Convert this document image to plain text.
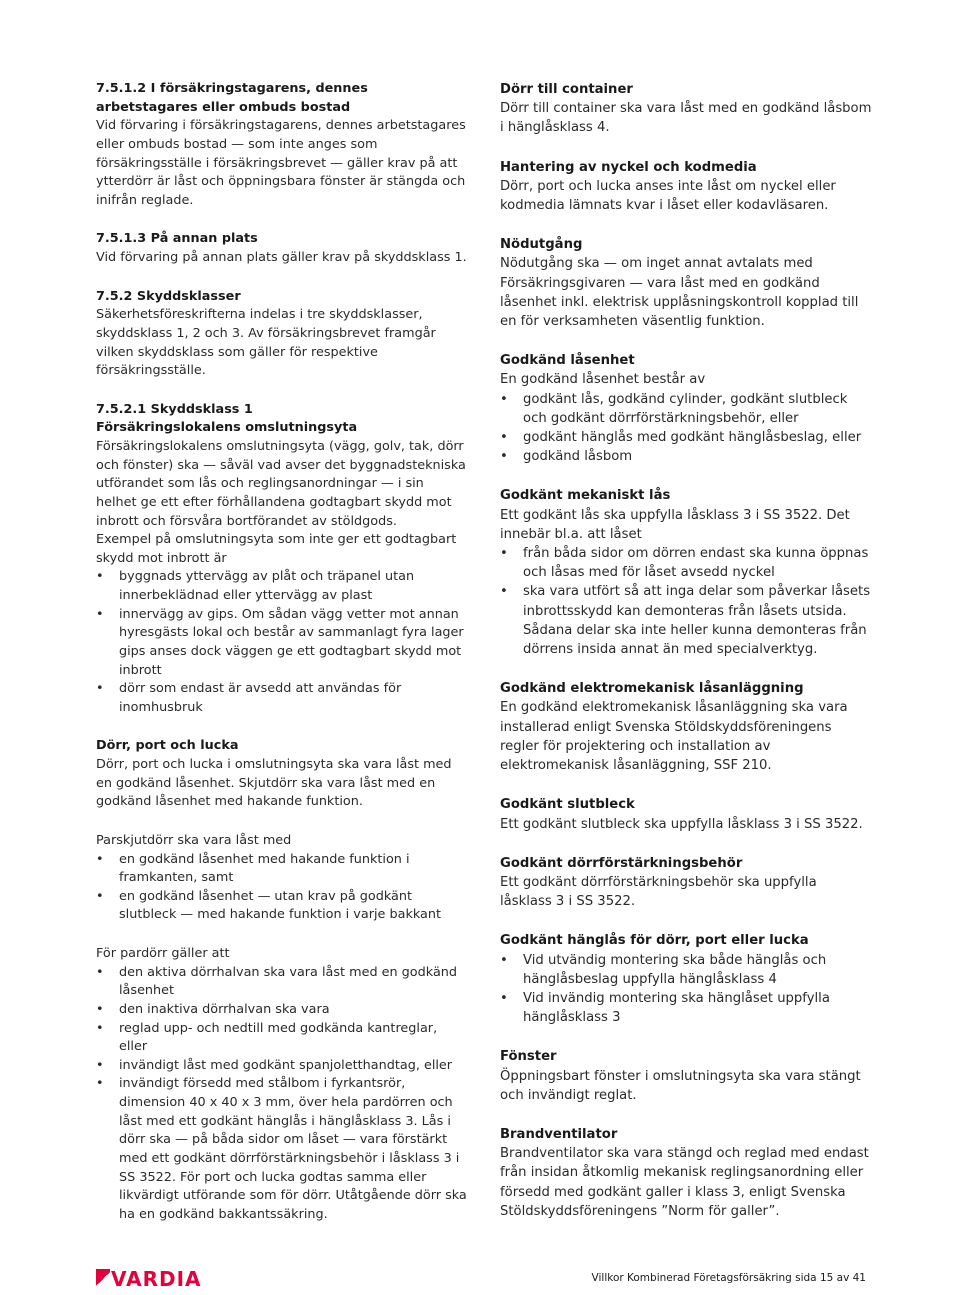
7.5.1.2 I försäkringstagarens, dennes arbetstagares eller ombuds bostad

Vid förvaring i försäkringstagarens, dennes arbetstagares eller ombuds bostad — som inte anges som försäkringsställe i försäkringsbrevet — gäller krav på att ytterdörr är låst och öppningsbara fönster är stängda och inifrån reglade.

7.5.1.3 På annan plats

Vid förvaring på annan plats gäller krav på skyddsklass 1.

7.5.2 Skyddsklasser

Säkerhetsföreskrifterna indelas i tre skyddsklasser, skyddsklass 1, 2 och 3. Av försäkringsbrevet framgår vilken skyddsklass som gäller för respektive försäkringsställe.

7.5.2.1 Skyddsklass 1
Försäkringslokalens omslutningsyta

Försäkringslokalens omslutningsyta (vägg, golv, tak, dörr och fönster) ska — såväl vad avser det byggnadstekniska utförandet som lås och reglingsanordningar — i sin helhet ge ett efter förhållandena godtagbart skydd mot inbrott och försvåra bortförandet av stöldgods.

Exempel på omslutningsyta som inte ger ett godtagbart skydd mot inbrott är

• byggnads yttervägg av plåt och träpanel utan innerbeklädnad eller yttervägg av plast
• innervägg av gips. Om sådan vägg vetter mot annan hyresgästs lokal och består av sammanlagt fyra lager gips anses dock väggen ge ett godtagbart skydd mot inbrott
• dörr som endast är avsedd att användas för inomhusbruk
Dörr, port och lucka

Dörr, port och lucka i omslutningsyta ska vara låst med en godkänd låsenhet. Skjutdörr ska vara låst med en godkänd låsenhet med hakande funktion.

Parskjutdörr ska vara låst med

• en godkänd låsenhet med hakande funktion i framkanten, samt
• en godkänd låsenhet — utan krav på godkänt slutbleck — med hakande funktion i varje bakkant

För pardörr gäller att

• den aktiva dörrhalvan ska vara låst med en godkänd låsenhet
• den inaktiva dörrhalvan ska vara
• reglad upp- och nedtill med godkända kantreglar, eller
• invändigt låst med godkänt spanjoletthandtag, eller
• invändigt försedd med stålbom i fyrkantsrör, dimension 40 x 40 x 3 mm, över hela pardörren och låst med ett godkänt hänglås i hänglåsklass 3. Lås i dörr ska — på båda sidor om låset — vara förstärkt med ett godkänt dörrförstärkningsbehör i låsklass 3 i SS 3522. För port och lucka godtas samma eller likvärdigt utförande som för dörr. Utåtgående dörr ska ha en godkänd bakkantssäkring.
Dörr till container

Dörr till container ska vara låst med en godkänd låsbom i hänglåsklass 4.

Hantering av nyckel och kodmedia

Dörr, port och lucka anses inte låst om nyckel eller kodmedia lämnats kvar i låset eller kodavläsaren.

Nödutgång

Nödutgång ska — om inget annat avtalats med Försäkringsgivaren — vara låst med en godkänd låsenhet inkl. elektrisk upplåsningskontroll kopplad till en för verksamheten väsentlig funktion.

Godkänd låsenhet

En godkänd låsenhet består av

• godkänt lås, godkänd cylinder, godkänt slutbleck och godkänt dörrförstärkningsbehör, eller
• godkänt hänglås med godkänt hänglåsbeslag, eller
• godkänd låsbom
Godkänt mekaniskt lås

Ett godkänt lås ska uppfylla låsklass 3 i SS 3522. Det innebär bl.a. att låset

• från båda sidor om dörren endast ska kunna öppnas och låsas med för låset avsedd nyckel
• ska vara utfört så att inga delar som påverkar låsets inbrottsskydd kan demonteras från låsets utsida. Sådana delar ska inte heller kunna demonteras från dörrens insida annat än med specialverktyg.
Godkänd elektromekanisk låsanläggning

En godkänd elektromekanisk låsanläggning ska vara installerad enligt Svenska Stöldskyddsföreningens regler för projektering och installation av elektromekanisk låsanläggning, SSF 210.

Godkänt slutbleck

Ett godkänt slutbleck ska uppfylla låsklass 3 i SS 3522.

Godkänt dörrförstärkningsbehör

Ett godkänt dörrförstärkningsbehör ska uppfylla låsklass 3 i SS 3522.

Godkänt hänglås för dörr, port eller lucka
• Vid utvändig montering ska både hänglås och hänglåsbeslag uppfylla hänglåsklass 4
• Vid invändig montering ska hänglåset uppfylla hänglåsklass 3
Fönster

Öppningsbart fönster i omslutningsyta ska vara stängt och invändigt reglat.

Brandventilator

Brandventilator ska vara stängd och reglad med endast från insidan åtkomlig mekanisk reglingsanordning eller försedd med godkänt galler i klass 3, enligt Svenska Stöldskyddsföreningens ”Norm för galler”.

VARDIA	Villkor Kombinerad Företagsförsäkring sida 15 av 41
